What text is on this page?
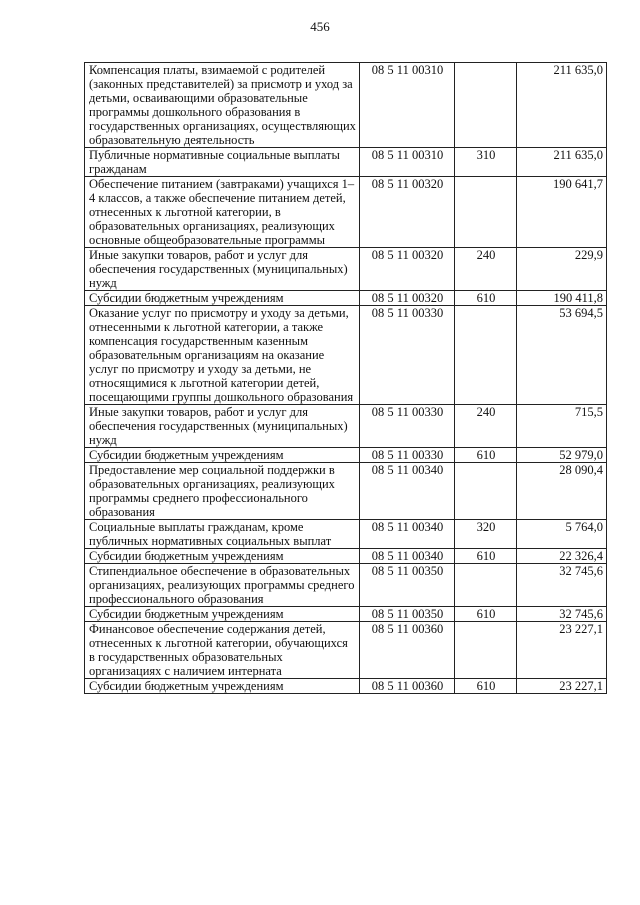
456
Компенсация платы, взимаемой с родителей (законных представителей) за присмотр и уход за детьми, осваивающими образовательные программы дошкольного образования в государственных организациях, осуществляющих образовательную деятельность	08 5 11 00310		211 635,0
Публичные нормативные социальные выплаты гражданам	08 5 11 00310	310	211 635,0
Обеспечение питанием (завтраками) учащихся 1–4 классов, а также обеспечение питанием детей, отнесенных к льготной категории, в образовательных организациях, реализующих основные общеобразовательные программы	08 5 11 00320		190 641,7
Иные закупки товаров, работ и услуг для обеспечения государственных (муниципальных) нужд	08 5 11 00320	240	229,9
Субсидии бюджетным учреждениям	08 5 11 00320	610	190 411,8
Оказание услуг по присмотру и уходу за детьми, отнесенными к льготной категории, а также компенсация государственным казенным образовательным организациям на оказание услуг по присмотру и уходу за детьми, не относящимися к льготной категории детей, посещающими группы дошкольного образования	08 5 11 00330		53 694,5
Иные закупки товаров, работ и услуг для обеспечения государственных (муниципальных) нужд	08 5 11 00330	240	715,5
Субсидии бюджетным учреждениям	08 5 11 00330	610	52 979,0
Предоставление мер социальной поддержки в образовательных организациях, реализующих программы среднего профессионального образования	08 5 11 00340		28 090,4
Социальные выплаты гражданам, кроме публичных нормативных социальных выплат	08 5 11 00340	320	5 764,0
Субсидии бюджетным учреждениям	08 5 11 00340	610	22 326,4
Стипендиальное обеспечение в образовательных организациях, реализующих программы среднего профессионального образования	08 5 11 00350		32 745,6
Субсидии бюджетным учреждениям	08 5 11 00350	610	32 745,6
Финансовое обеспечение содержания детей, отнесенных к льготной категории, обучающихся в государственных образовательных организациях с наличием интерната	08 5 11 00360		23 227,1
Субсидии бюджетным учреждениям	08 5 11 00360	610	23 227,1
